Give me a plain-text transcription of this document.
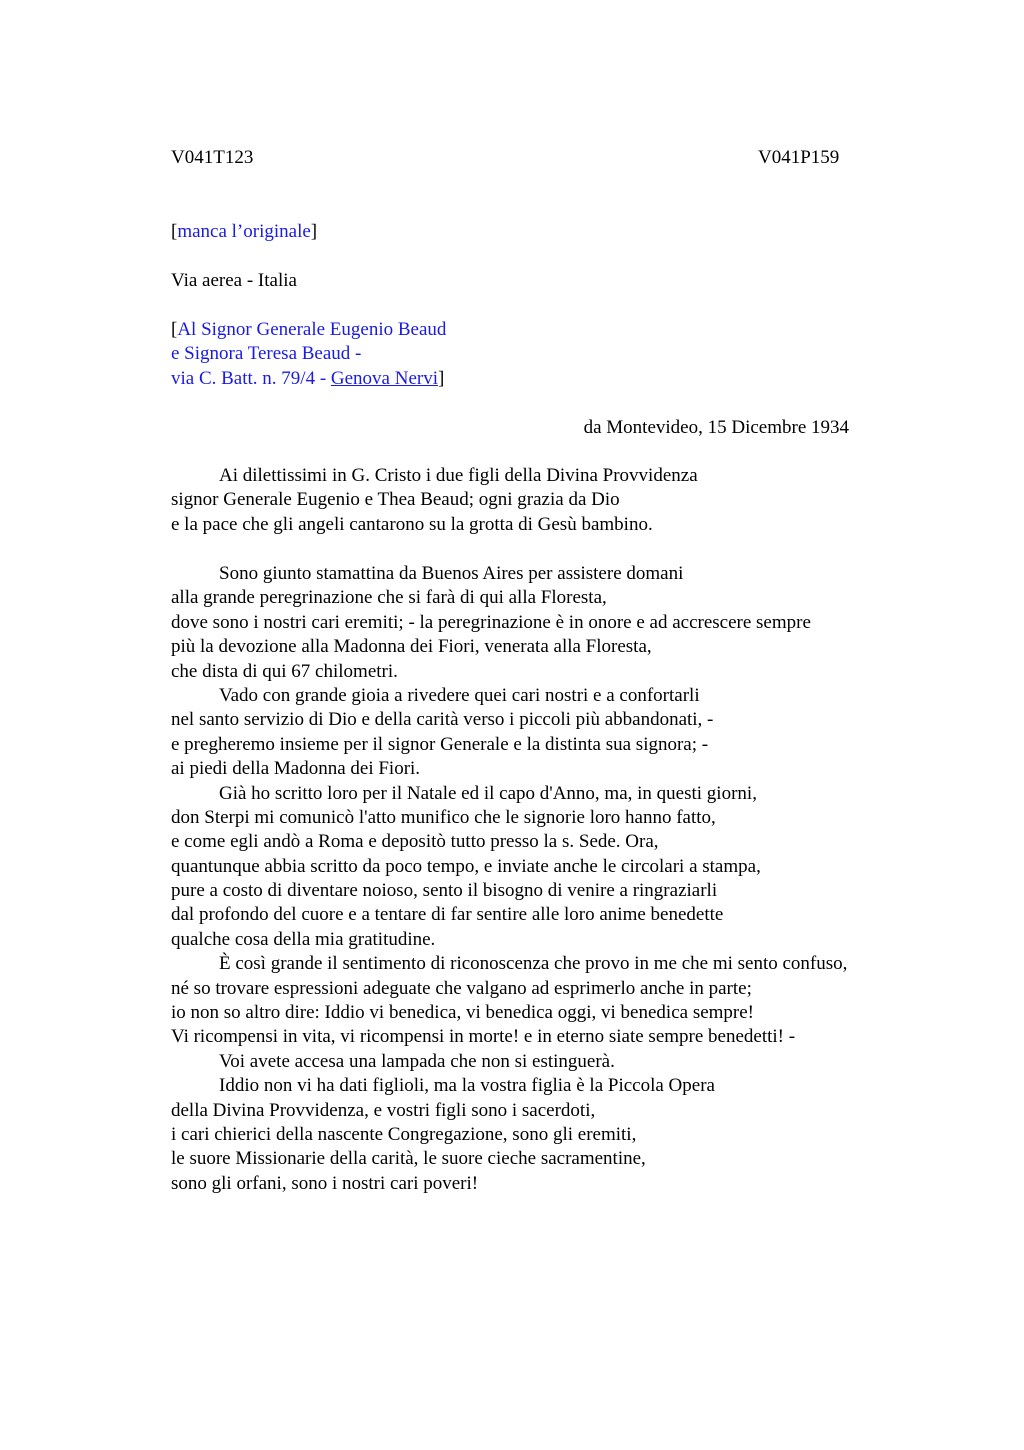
V041T123	V041P159
[manca l’originale]
Via aerea - Italia
[Al Signor Generale Eugenio Beaud
e Signora Teresa Beaud -
via C. Batt. n. 79/4 - Genova Nervi]
da Montevideo, 15 Dicembre 1934
Ai dilettissimi in G. Cristo i due figli della Divina Provvidenza
signor Generale Eugenio e Thea Beaud; ogni grazia da Dio
e la pace che gli angeli cantarono su la grotta di Gesù bambino.
Sono giunto stamattina da Buenos Aires per assistere domani
alla grande peregrinazione che si farà di qui alla Floresta,
dove sono i nostri cari eremiti; - la peregrinazione è in onore e ad accrescere sempre
più la devozione alla Madonna dei Fiori, venerata alla Floresta,
che dista di qui 67 chilometri.
Vado con grande gioia a rivedere quei cari nostri e a confortarli
nel santo servizio di Dio e della carità verso i piccoli più abbandonati, -
e pregheremo insieme per il signor Generale e la distinta sua signora; -
ai piedi della Madonna dei Fiori.
Già ho scritto loro per il Natale ed il capo d'Anno, ma, in questi giorni,
don Sterpi mi comunicò l'atto munifico che le signorie loro hanno fatto,
e come egli andò a Roma e depositò tutto presso la s. Sede. Ora,
quantunque abbia scritto da poco tempo, e inviate anche le circolari a stampa,
pure a costo di diventare noioso, sento il bisogno di venire a ringraziarli
dal profondo del cuore e a tentare di far sentire alle loro anime benedette
qualche cosa della mia gratitudine.
È così grande il sentimento di riconoscenza che provo in me che mi sento confuso,
né so trovare espressioni adeguate che valgano ad esprimerlo anche in parte;
io non so altro dire: Iddio vi benedica, vi benedica oggi, vi benedica sempre!
Vi ricompensi in vita, vi ricompensi in morte! e in eterno siate sempre benedetti! -
Voi avete accesa una lampada che non si estinguerà.
Iddio non vi ha dati figlioli, ma la vostra figlia è la Piccola Opera
della Divina Provvidenza, e vostri figli sono i sacerdoti,
i cari chierici della nascente Congregazione, sono gli eremiti,
le suore Missionarie della carità, le suore cieche sacramentine,
sono gli orfani, sono i nostri cari poveri!
